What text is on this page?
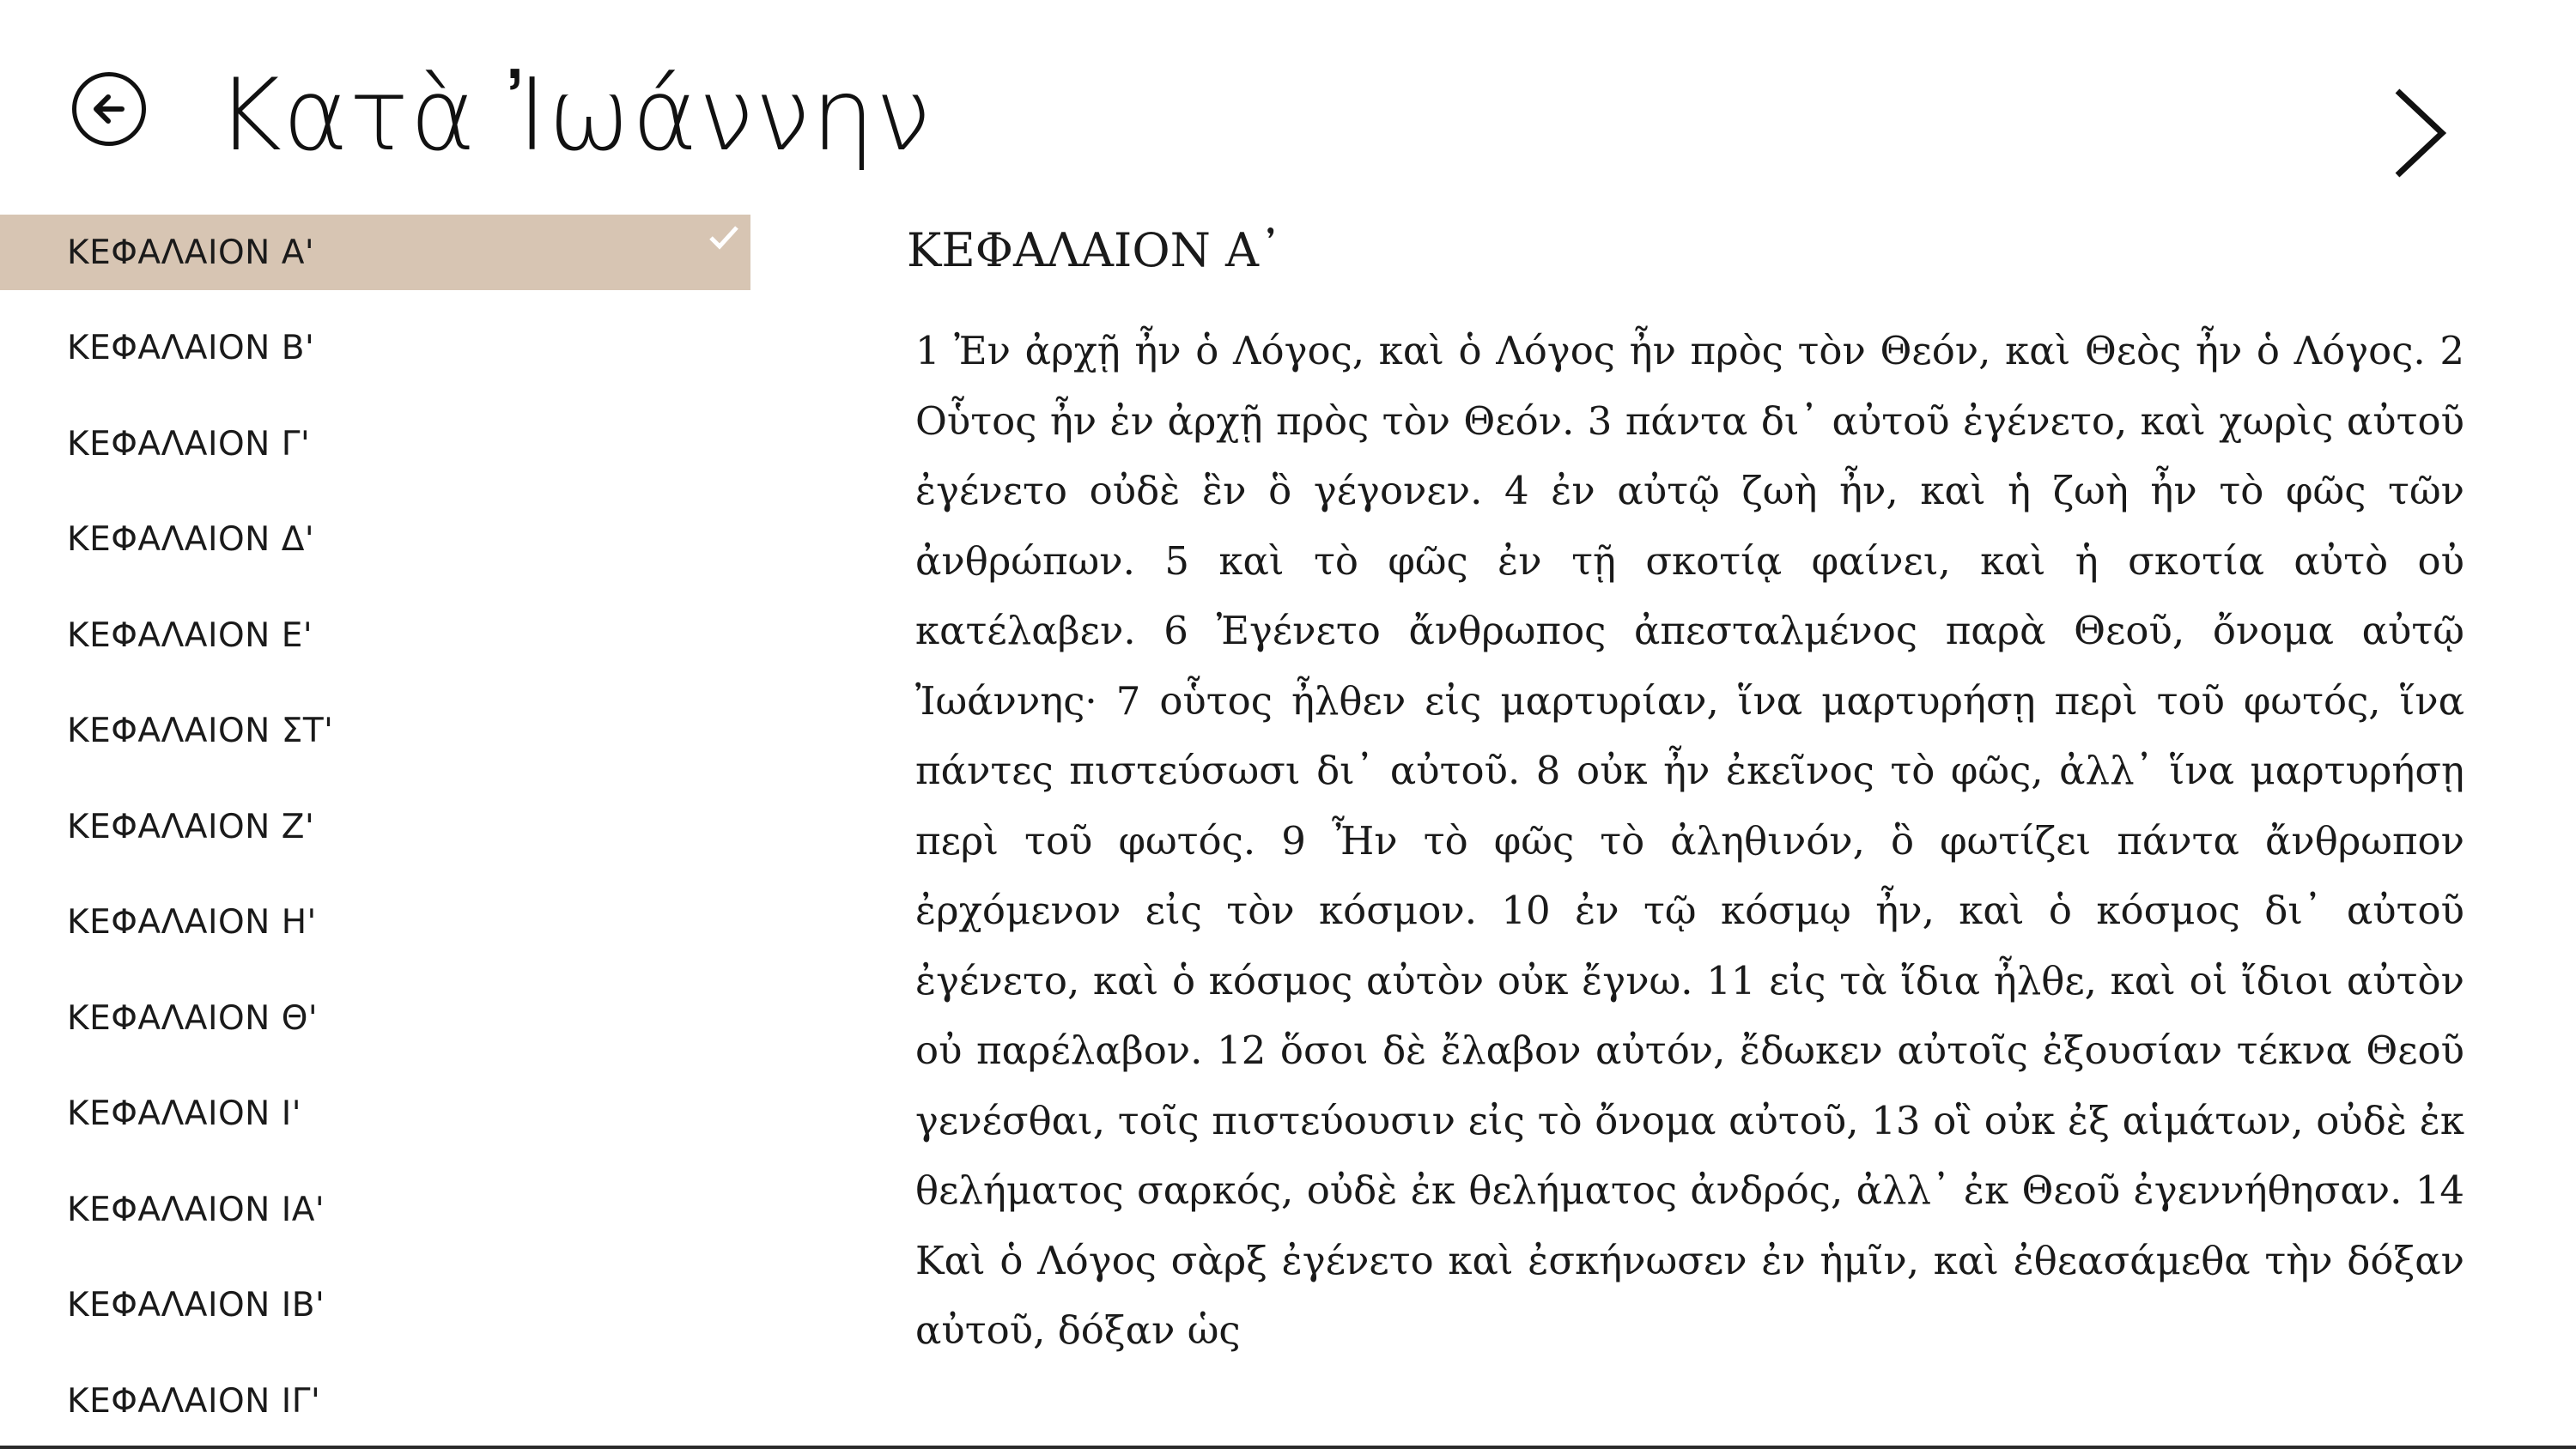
Κατὰ Ἰωάννην
ΚΕΦΑΛΑΙΟΝ Α'
ΚΕΦΑΛΑΙΟΝ Β'
ΚΕΦΑΛΑΙΟΝ Γ'
ΚΕΦΑΛΑΙΟΝ Δ'
ΚΕΦΑΛΑΙΟΝ Ε'
ΚΕΦΑΛΑΙΟΝ ΣΤ'
ΚΕΦΑΛΑΙΟΝ Ζ'
ΚΕΦΑΛΑΙΟΝ Η'
ΚΕΦΑΛΑΙΟΝ Θ'
ΚΕΦΑΛΑΙΟΝ Ι'
ΚΕΦΑΛΑΙΟΝ ΙΑ'
ΚΕΦΑΛΑΙΟΝ ΙΒ'
ΚΕΦΑΛΑΙΟΝ ΙΓ'
ΚΕΦΑΛΑΙΟΝ Α᾽

1 Ἐν ἀρχῇ ἦν ὁ Λόγος, καὶ ὁ Λόγος ἦν πρὸς τὸν Θεόν, καὶ Θεὸς ἦν ὁ Λόγος. 2 Οὗτος ἦν ἐν ἀρχῇ πρὸς τὸν Θεόν. 3 πάντα δι᾽ αὐτοῦ ἐγένετο, καὶ χωρὶς αὐτοῦ ἐγένετο οὐδὲ ἓν ὃ γέγονεν. 4 ἐν αὐτῷ ζωὴ ἦν, καὶ ἡ ζωὴ ἦν τὸ φῶς τῶν ἀνθρώπων. 5 καὶ τὸ φῶς ἐν τῇ σκοτίᾳ φαίνει, καὶ ἡ σκοτία αὐτὸ οὐ κατέλαβεν. 6 Ἐγένετο ἄνθρωπος ἀπεσταλμένος παρὰ Θεοῦ, ὄνομα αὐτῷ Ἰωάννης· 7 οὗτος ἦλθεν εἰς μαρτυρίαν, ἵνα μαρτυρήσῃ περὶ τοῦ φωτός, ἵνα πάντες πιστεύσωσι δι᾽ αὐτοῦ. 8 οὐκ ἦν ἐκεῖνος τὸ φῶς, ἀλλ᾽ ἵνα μαρτυρήσῃ περὶ τοῦ φωτός. 9 Ἦν τὸ φῶς τὸ ἀληθινόν, ὃ φωτίζει πάντα ἄνθρωπον ἐρχόμενον εἰς τὸν κόσμον. 10 ἐν τῷ κόσμῳ ἦν, καὶ ὁ κόσμος δι᾽ αὐτοῦ ἐγένετο, καὶ ὁ κόσμος αὐτὸν οὐκ ἔγνω. 11 εἰς τὰ ἴδια ἦλθε, καὶ οἱ ἴδιοι αὐτὸν οὐ παρέλαβον. 12 ὅσοι δὲ ἔλαβον αὐτόν, ἔδωκεν αὐτοῖς ἐξουσίαν τέκνα Θεοῦ γενέσθαι, τοῖς πιστεύουσιν εἰς τὸ ὄνομα αὐτοῦ, 13 οἳ οὐκ ἐξ αἱμάτων, οὐδὲ ἐκ θελήματος σαρκός, οὐδὲ ἐκ θελήματος ἀνδρός, ἀλλ᾽ ἐκ Θεοῦ ἐγεννήθησαν. 14 Καὶ ὁ Λόγος σὰρξ ἐγένετο καὶ ἐσκήνωσεν ἐν ἡμῖν, καὶ ἐθεασάμεθα τὴν δόξαν αὐτοῦ, δόξαν ὡς
